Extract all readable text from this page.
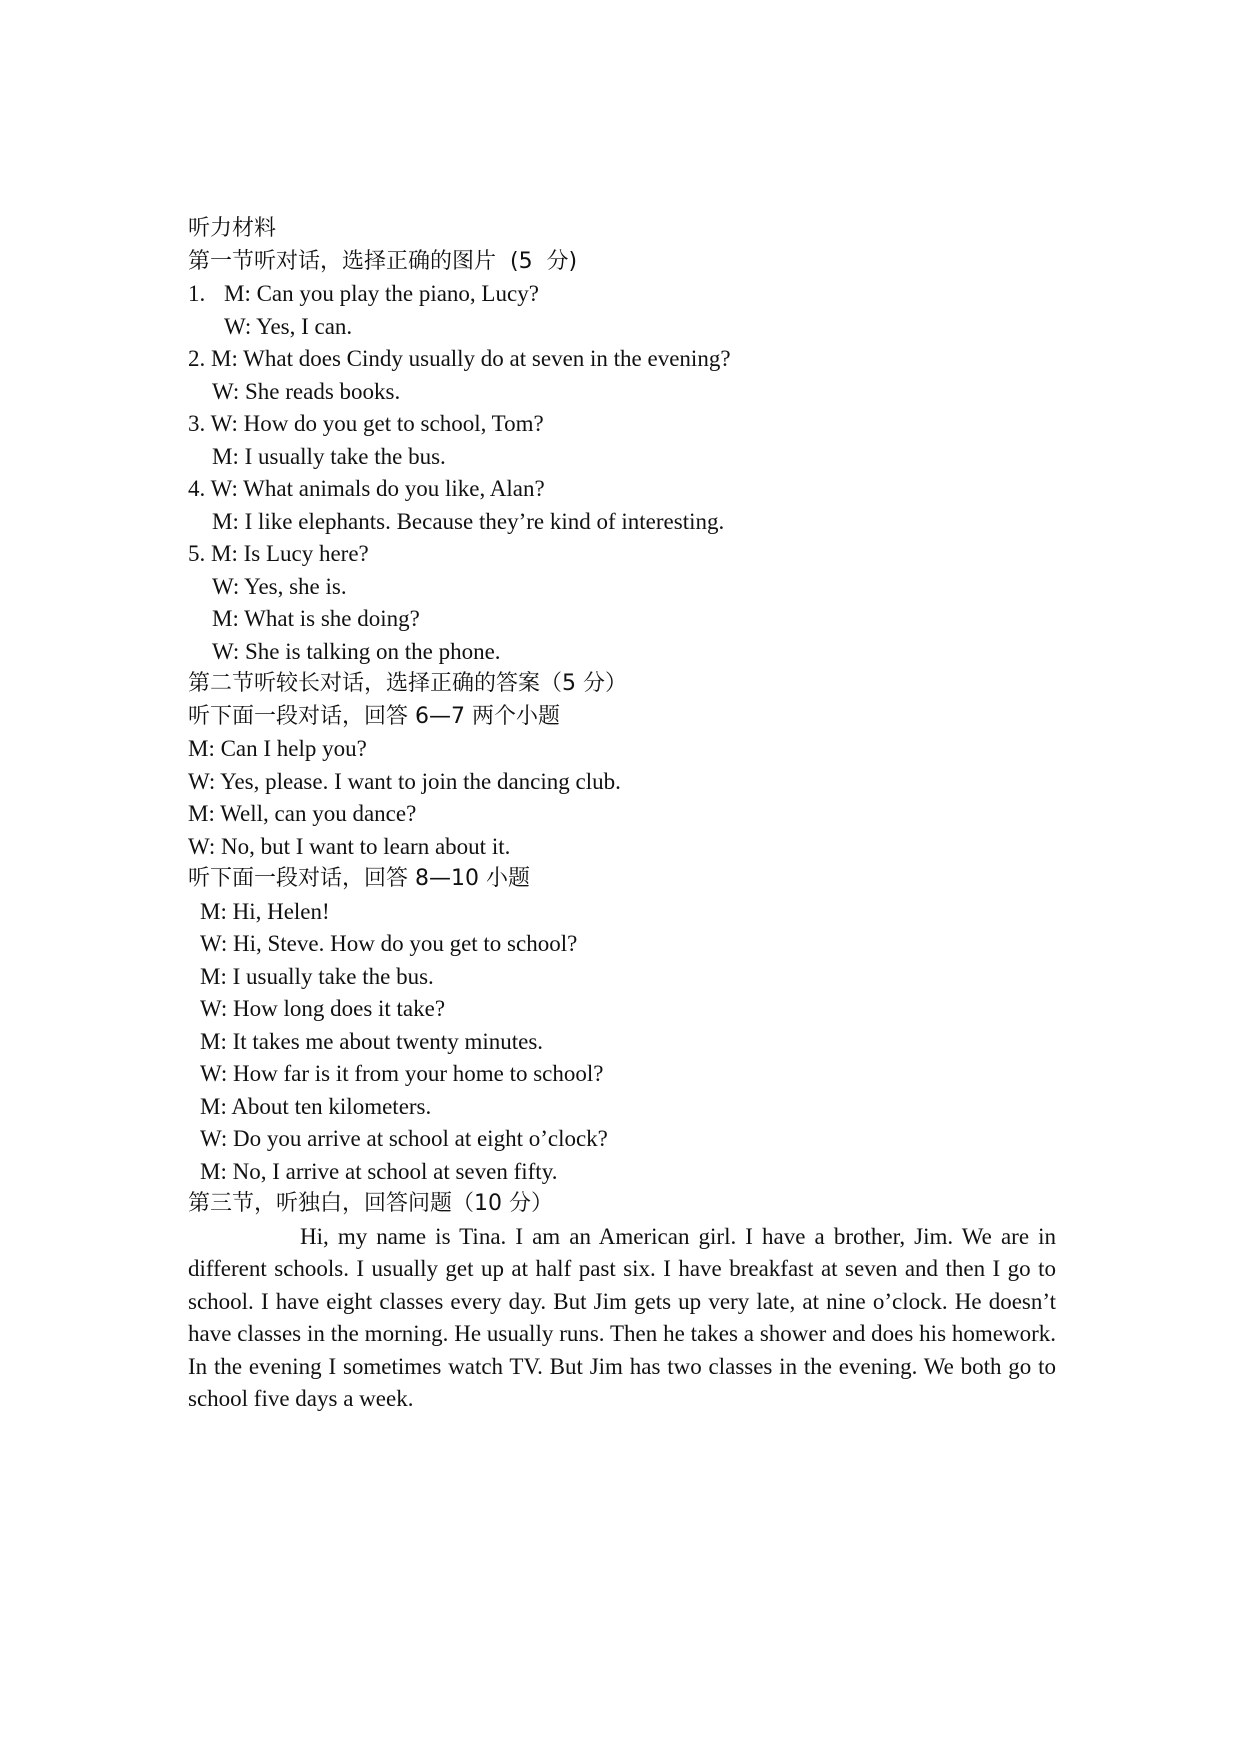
听力材料
第一节听对话，选择正确的图片  (5  分)
1. M: Can you play the piano, Lucy?
W: Yes, I can.
2. M: What does Cindy usually do at seven in the evening?
W: She reads books.
3. W: How do you get to school, Tom?
M: I usually take the bus.
4. W: What animals do you like, Alan?
M: I like elephants. Because they’re kind of interesting.
5. M: Is Lucy here?
W: Yes, she is.
M: What is she doing?
W: She is talking on the phone.
第二节听较长对话，选择正确的答案（5 分）
听下面一段对话，回答 6—7 两个小题
M: Can I help you?
W: Yes, please. I want to join the dancing club.
M: Well, can you dance?
W: No, but I want to learn about it.
听下面一段对话，回答 8—10 小题
M: Hi, Helen!
W: Hi, Steve. How do you get to school?
M: I usually take the bus.
W: How long does it take?
M: It takes me about twenty minutes.
W: How far is it from your home to school?
M: About ten kilometers.
W: Do you arrive at school at eight o’clock?
M: No, I arrive at school at seven fifty.
第三节，听独白，回答问题（10 分）
Hi, my name is Tina. I am an American girl. I have a brother, Jim. We are in different schools. I usually get up at half past six. I have breakfast at seven and then I go to school. I have eight classes every day. But Jim gets up very late, at nine o’clock. He doesn’t have classes in the morning. He usually runs. Then he takes a shower and does his homework. In the evening I sometimes watch TV. But Jim has two classes in the evening. We both go to school five days a week.
